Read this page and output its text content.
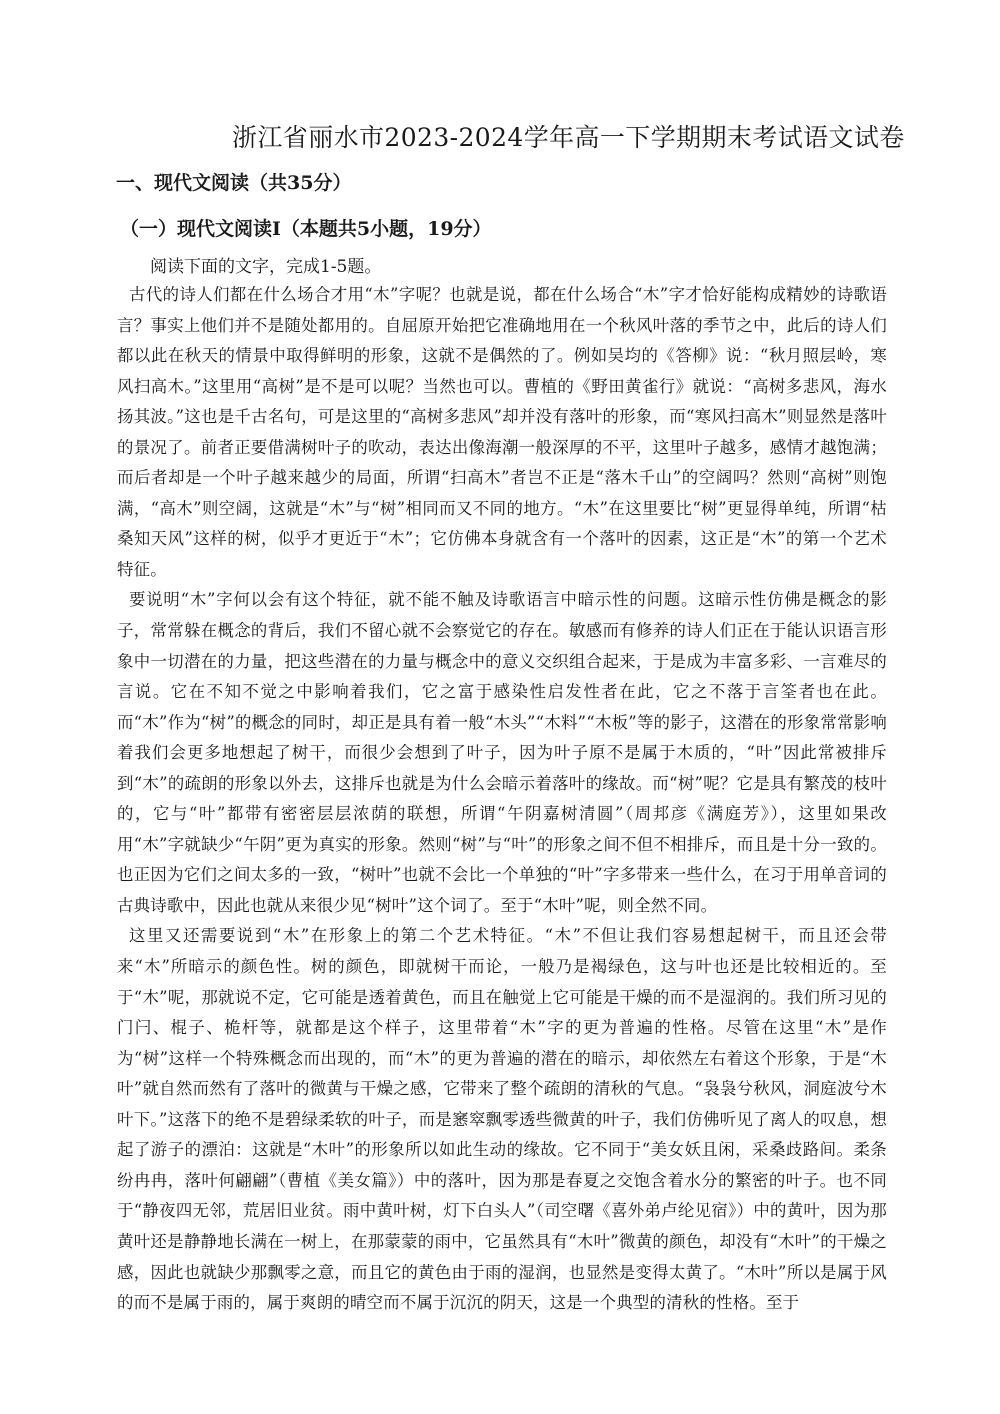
浙江省丽水市2023-2024学年高一下学期期末考试语文试卷
一、现代文阅读（共35分）
（一）现代文阅读I（本题共5小题，19分）
阅读下面的文字，完成1-5题。

古代的诗人们都在什么场合才用“木”字呢？也就是说，都在什么场合“木”字才恰好能构成精妙的诗歌语言？事实上他们并不是随处都用的。自屈原开始把它准确地用在一个秋风叶落的季节之中，此后的诗人们都以此在秋天的情景中取得鲜明的形象，这就不是偶然的了。例如吴均的《答柳》说：“秋月照层岭，寒风扫高木。”这里用“高树”是不是可以呢？当然也可以。曹植的《野田黄雀行》就说：“高树多悲风，海水扬其波。”这也是千古名句，可是这里的“高树多悲风”却并没有落叶的形象，而“寒风扫高木”则显然是落叶的景况了。前者正要借满树叶子的吹动，表达出像海潮一般深厚的不平，这里叶子越多，感情才越饱满；而后者却是一个叶子越来越少的局面，所谓“扫高木”者岂不正是“落木千山”的空阔吗？然则“高树”则饱满，“高木”则空阔，这就是“木”与“树”相同而又不同的地方。“木”在这里要比“树”更显得单纯，所谓“枯桑知天风”这样的树，似乎才更近于“木”；它仿佛本身就含有一个落叶的因素，这正是“木”的第一个艺术特征。

要说明“木”字何以会有这个特征，就不能不触及诗歌语言中暗示性的问题。这暗示性仿佛是概念的影子，常常躲在概念的背后，我们不留心就不会察觉它的存在。敏感而有修养的诗人们正在于能认识语言形象中一切潜在的力量，把这些潜在的力量与概念中的意义交织组合起来，于是成为丰富多彩、一言难尽的言说。它在不知不觉之中影响着我们，它之富于感染性启发性者在此，它之不落于言筌者也在此。而“木”作为“树”的概念的同时，却正是具有着一般“木头”“木料”“木板”等的影子，这潜在的形象常常影响着我们会更多地想起了树干，而很少会想到了叶子，因为叶子原不是属于木质的，“叶”因此常被排斥到“木”的疏朗的形象以外去，这排斥也就是为什么会暗示着落叶的缘故。而“树”呢？它是具有繁茂的枝叶的，它与“叶”都带有密密层层浓荫的联想，所谓“午阴嘉树清圆”（周邦彦《满庭芳》），这里如果改用“木”字就缺少“午阴”更为真实的形象。然则“树”与“叶”的形象之间不但不相排斥，而且是十分一致的。也正因为它们之间太多的一致，“树叶”也就不会比一个单独的“叶”字多带来一些什么，在习于用单音词的古典诗歌中，因此也就从来很少见“树叶”这个词了。至于“木叶”呢，则全然不同。

这里又还需要说到“木”在形象上的第二个艺术特征。“木”不但让我们容易想起树干，而且还会带来“木”所暗示的颜色性。树的颜色，即就树干而论，一般乃是褐绿色，这与叶也还是比较相近的。至于“木”呢，那就说不定，它可能是透着黄色，而且在触觉上它可能是干燥的而不是湿润的。我们所习见的门闩、棍子、桅杆等，就都是这个样子，这里带着“木”字的更为普遍的性格。尽管在这里“木”是作为“树”这样一个特殊概念而出现的，而“木”的更为普遍的潜在的暗示，却依然左右着这个形象，于是“木叶”就自然而然有了落叶的微黄与干燥之感，它带来了整个疏朗的清秋的气息。“袅袅兮秋风，洞庭波兮木叶下。”这落下的绝不是碧绿柔软的叶子，而是窸窣飘零透些微黄的叶子，我们仿佛听见了离人的叹息，想起了游子的漂泊：这就是“木叶”的形象所以如此生动的缘故。它不同于“美女妖且闲，采桑歧路间。柔条纷冉冉，落叶何翩翩”（曹植《美女篇》）中的落叶，因为那是春夏之交饱含着水分的繁密的叶子。也不同于“静夜四无邻，荒居旧业贫。雨中黄叶树，灯下白头人”（司空曙《喜外弟卢纶见宿》）中的黄叶，因为那黄叶还是静静地长满在一树上，在那蒙蒙的雨中，它虽然具有“木叶”微黄的颜色，却没有“木叶”的干燥之感，因此也就缺少那飘零之意，而且它的黄色由于雨的湿润，也显然是变得太黄了。“木叶”所以是属于风的而不是属于雨的，属于爽朗的晴空而不属于沉沉的阴天，这是一个典型的清秋的性格。至于
